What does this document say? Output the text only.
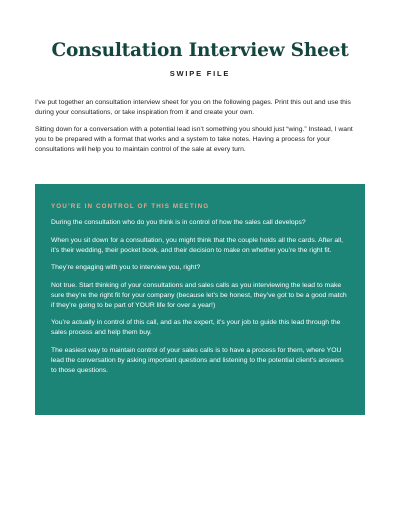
Consultation Interview Sheet
SWIPE FILE

I’ve put together an consultation interview sheet for you on the following pages. Print this out and use this during your consultations, or take inspiration from it and create your own.

Sitting down for a conversation with a potential lead isn’t something you should just “wing.” Instead, I want you to be prepared with a format that works and a system to take notes. Having a process for your consultations will help you to maintain control of the sale at every turn.

YOU’RE IN CONTROL OF THIS MEETING

During the consultation who do you think is in control of how the sales call develops?

When you sit down for a consultation, you might think that the couple holds all the cards. After all, it’s their wedding, their pocket book, and their decision to make on whether you’re the right fit.

They’re engaging with you to interview you, right?

Not true. Start thinking of your consultations and sales calls as you interviewing the lead to make sure they’re the right fit for your company (because let’s be honest, they’ve got to be a good match if they’re going to be part of YOUR life for over a year!)

You’re actually in control of this call, and as the expert, it’s your job to guide this lead through the sales process and help them buy.

The easiest way to maintain control of your sales calls is to have a process for them, where YOU lead the conversation by asking important questions and listening to the potential client’s answers to those questions.
